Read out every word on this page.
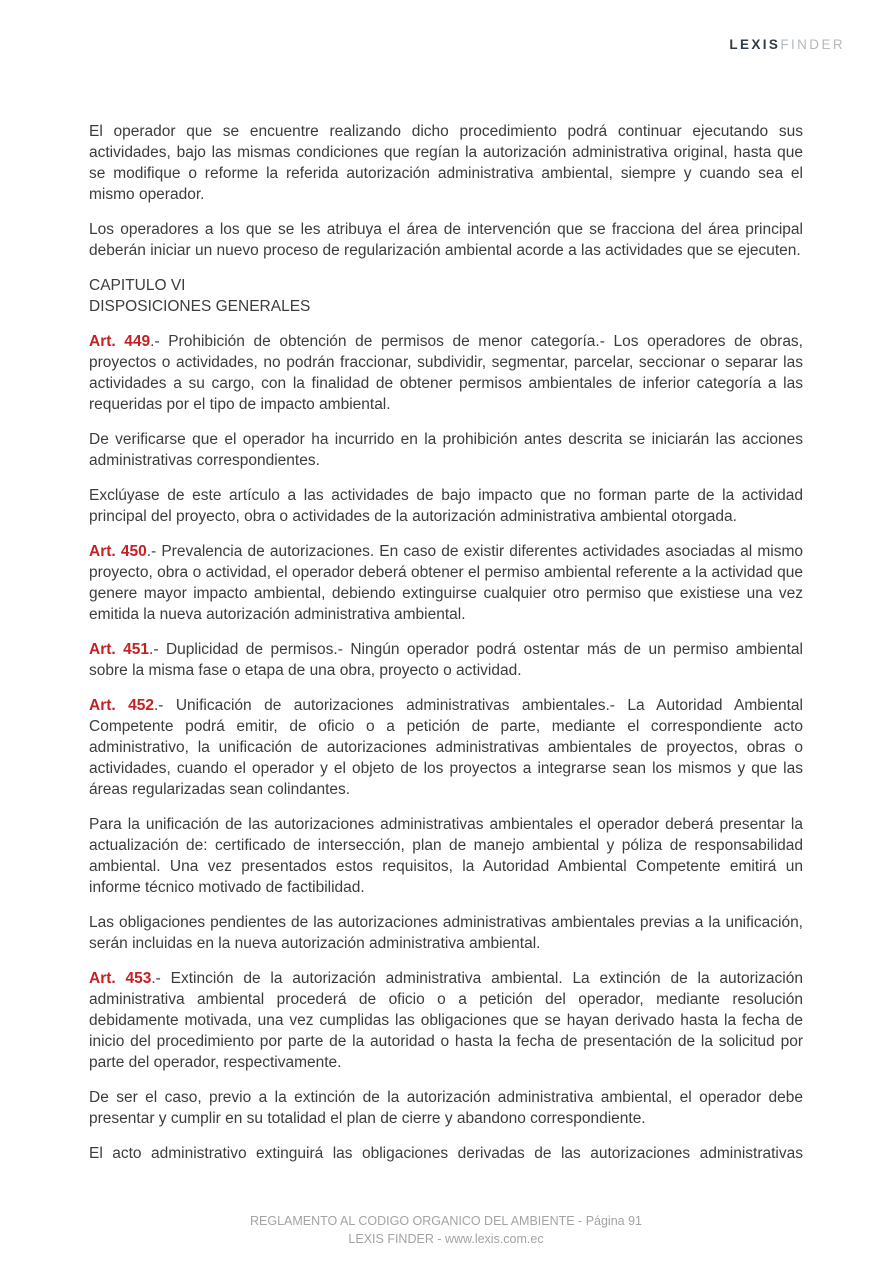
LEXISFINDER

El operador que se encuentre realizando dicho procedimiento podrá continuar ejecutando sus actividades, bajo las mismas condiciones que regían la autorización administrativa original, hasta que se modifique o reforme la referida autorización administrativa ambiental, siempre y cuando sea el mismo operador.

Los operadores a los que se les atribuya el área de intervención que se fracciona del área principal deberán iniciar un nuevo proceso de regularización ambiental acorde a las actividades que se ejecuten.

CAPITULO VI
DISPOSICIONES GENERALES

Art. 449.- Prohibición de obtención de permisos de menor categoría.- Los operadores de obras, proyectos o actividades, no podrán fraccionar, subdividir, segmentar, parcelar, seccionar o separar las actividades a su cargo, con la finalidad de obtener permisos ambientales de inferior categoría a las requeridas por el tipo de impacto ambiental.

De verificarse que el operador ha incurrido en la prohibición antes descrita se iniciarán las acciones administrativas correspondientes.

Exclúyase de este artículo a las actividades de bajo impacto que no forman parte de la actividad principal del proyecto, obra o actividades de la autorización administrativa ambiental otorgada.

Art. 450.- Prevalencia de autorizaciones. En caso de existir diferentes actividades asociadas al mismo proyecto, obra o actividad, el operador deberá obtener el permiso ambiental referente a la actividad que genere mayor impacto ambiental, debiendo extinguirse cualquier otro permiso que existiese una vez emitida la nueva autorización administrativa ambiental.

Art. 451.- Duplicidad de permisos.- Ningún operador podrá ostentar más de un permiso ambiental sobre la misma fase o etapa de una obra, proyecto o actividad.

Art. 452.- Unificación de autorizaciones administrativas ambientales.- La Autoridad Ambiental Competente podrá emitir, de oficio o a petición de parte, mediante el correspondiente acto administrativo, la unificación de autorizaciones administrativas ambientales de proyectos, obras o actividades, cuando el operador y el objeto de los proyectos a integrarse sean los mismos y que las áreas regularizadas sean colindantes.

Para la unificación de las autorizaciones administrativas ambientales el operador deberá presentar la actualización de: certificado de intersección, plan de manejo ambiental y póliza de responsabilidad ambiental. Una vez presentados estos requisitos, la Autoridad Ambiental Competente emitirá un informe técnico motivado de factibilidad.

Las obligaciones pendientes de las autorizaciones administrativas ambientales previas a la unificación, serán incluidas en la nueva autorización administrativa ambiental.

Art. 453.- Extinción de la autorización administrativa ambiental. La extinción de la autorización administrativa ambiental procederá de oficio o a petición del operador, mediante resolución debidamente motivada, una vez cumplidas las obligaciones que se hayan derivado hasta la fecha de inicio del procedimiento por parte de la autoridad o hasta la fecha de presentación de la solicitud por parte del operador, respectivamente.

De ser el caso, previo a la extinción de la autorización administrativa ambiental, el operador debe presentar y cumplir en su totalidad el plan de cierre y abandono correspondiente.

El acto administrativo extinguirá las obligaciones derivadas de las autorizaciones administrativas

REGLAMENTO AL CODIGO ORGANICO DEL AMBIENTE - Página 91
LEXIS FINDER - www.lexis.com.ec
